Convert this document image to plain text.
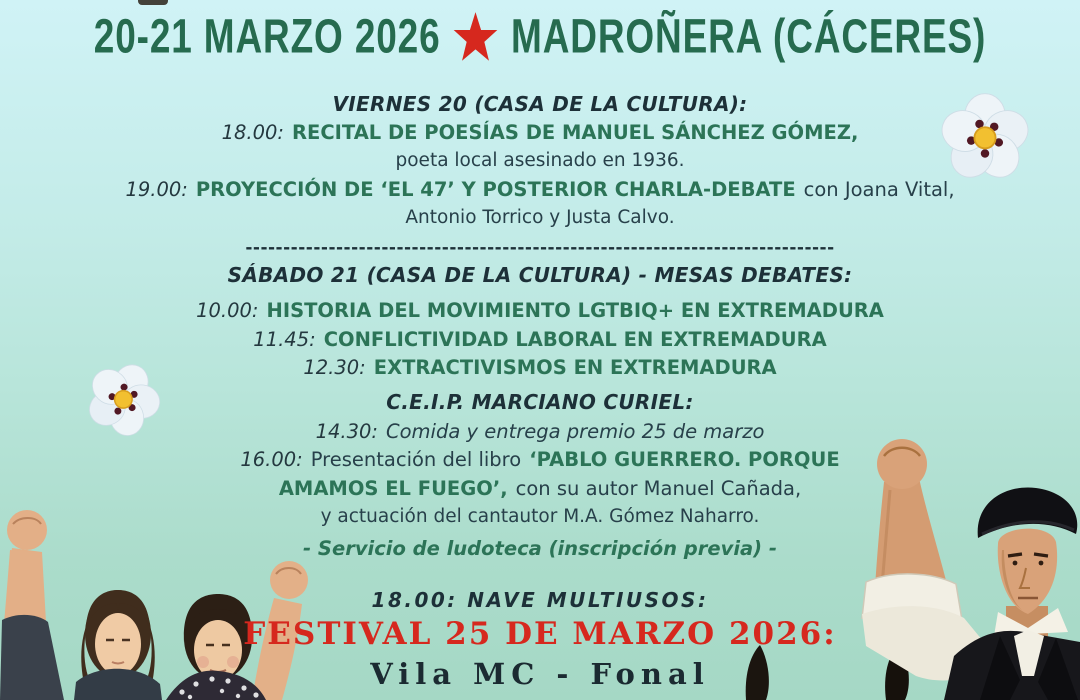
20-21 MARZO 2026 MADROÑERA (CÁCERES)
VIERNES 20 (CASA DE LA CULTURA):
18.00: RECITAL DE POESÍAS DE MANUEL SÁNCHEZ GÓMEZ,
poeta local asesinado en 1936.
19.00: PROYECCIÓN DE ‘EL 47’ Y POSTERIOR CHARLA-DEBATE con Joana Vital,
Antonio Torrico y Justa Calvo.
------------------------------------------------------------------------------
SÁBADO 21 (CASA DE LA CULTURA) - MESAS DEBATES:
10.00: HISTORIA DEL MOVIMIENTO LGTBIQ+ EN EXTREMADURA
11.45: CONFLICTIVIDAD LABORAL EN EXTREMADURA
12.30: EXTRACTIVISMOS EN EXTREMADURA
C.E.I.P. MARCIANO CURIEL:
14.30: Comida y entrega premio 25 de marzo
16.00: Presentación del libro ‘PABLO GUERRERO. PORQUE
AMAMOS EL FUEGO’, con su autor Manuel Cañada,
y actuación del cantautor M.A. Gómez Naharro.
- Servicio de ludoteca (inscripción previa) -
18.00: NAVE MULTIUSOS:
FESTIVAL 25 DE MARZO 2026:
Vila MC - Fonal
